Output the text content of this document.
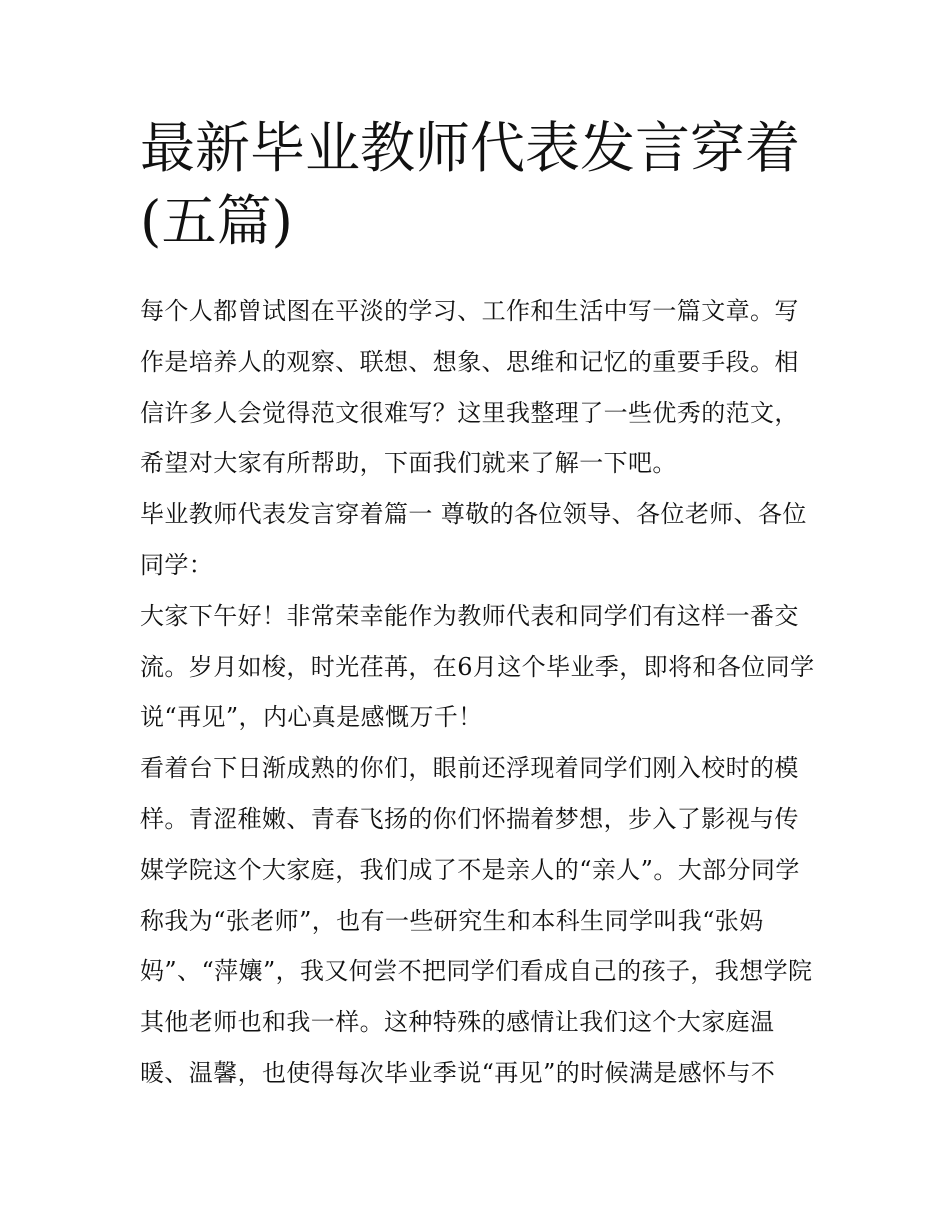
最新毕业教师代表发言穿着(五篇)

每个人都曾试图在平淡的学习、工作和生活中写一篇文章。写作是培养人的观察、联想、想象、思维和记忆的重要手段。相信许多人会觉得范文很难写？这里我整理了一些优秀的范文，希望对大家有所帮助，下面我们就来了解一下吧。

毕业教师代表发言穿着篇一 尊敬的各位领导、各位老师、各位同学：

大家下午好！非常荣幸能作为教师代表和同学们有这样一番交流。岁月如梭，时光荏苒，在6月这个毕业季，即将和各位同学说“再见”，内心真是感慨万千！

看着台下日渐成熟的你们，眼前还浮现着同学们刚入校时的模样。青涩稚嫩、青春飞扬的你们怀揣着梦想，步入了影视与传媒学院这个大家庭，我们成了不是亲人的“亲人”。大部分同学称我为“张老师”，也有一些研究生和本科生同学叫我“张妈妈”、“萍孃”，我又何尝不把同学们看成自己的孩子，我想学院其他老师也和我一样。这种特殊的感情让我们这个大家庭温暖、温馨，也使得每次毕业季说“再见”的时候满是感怀与不
